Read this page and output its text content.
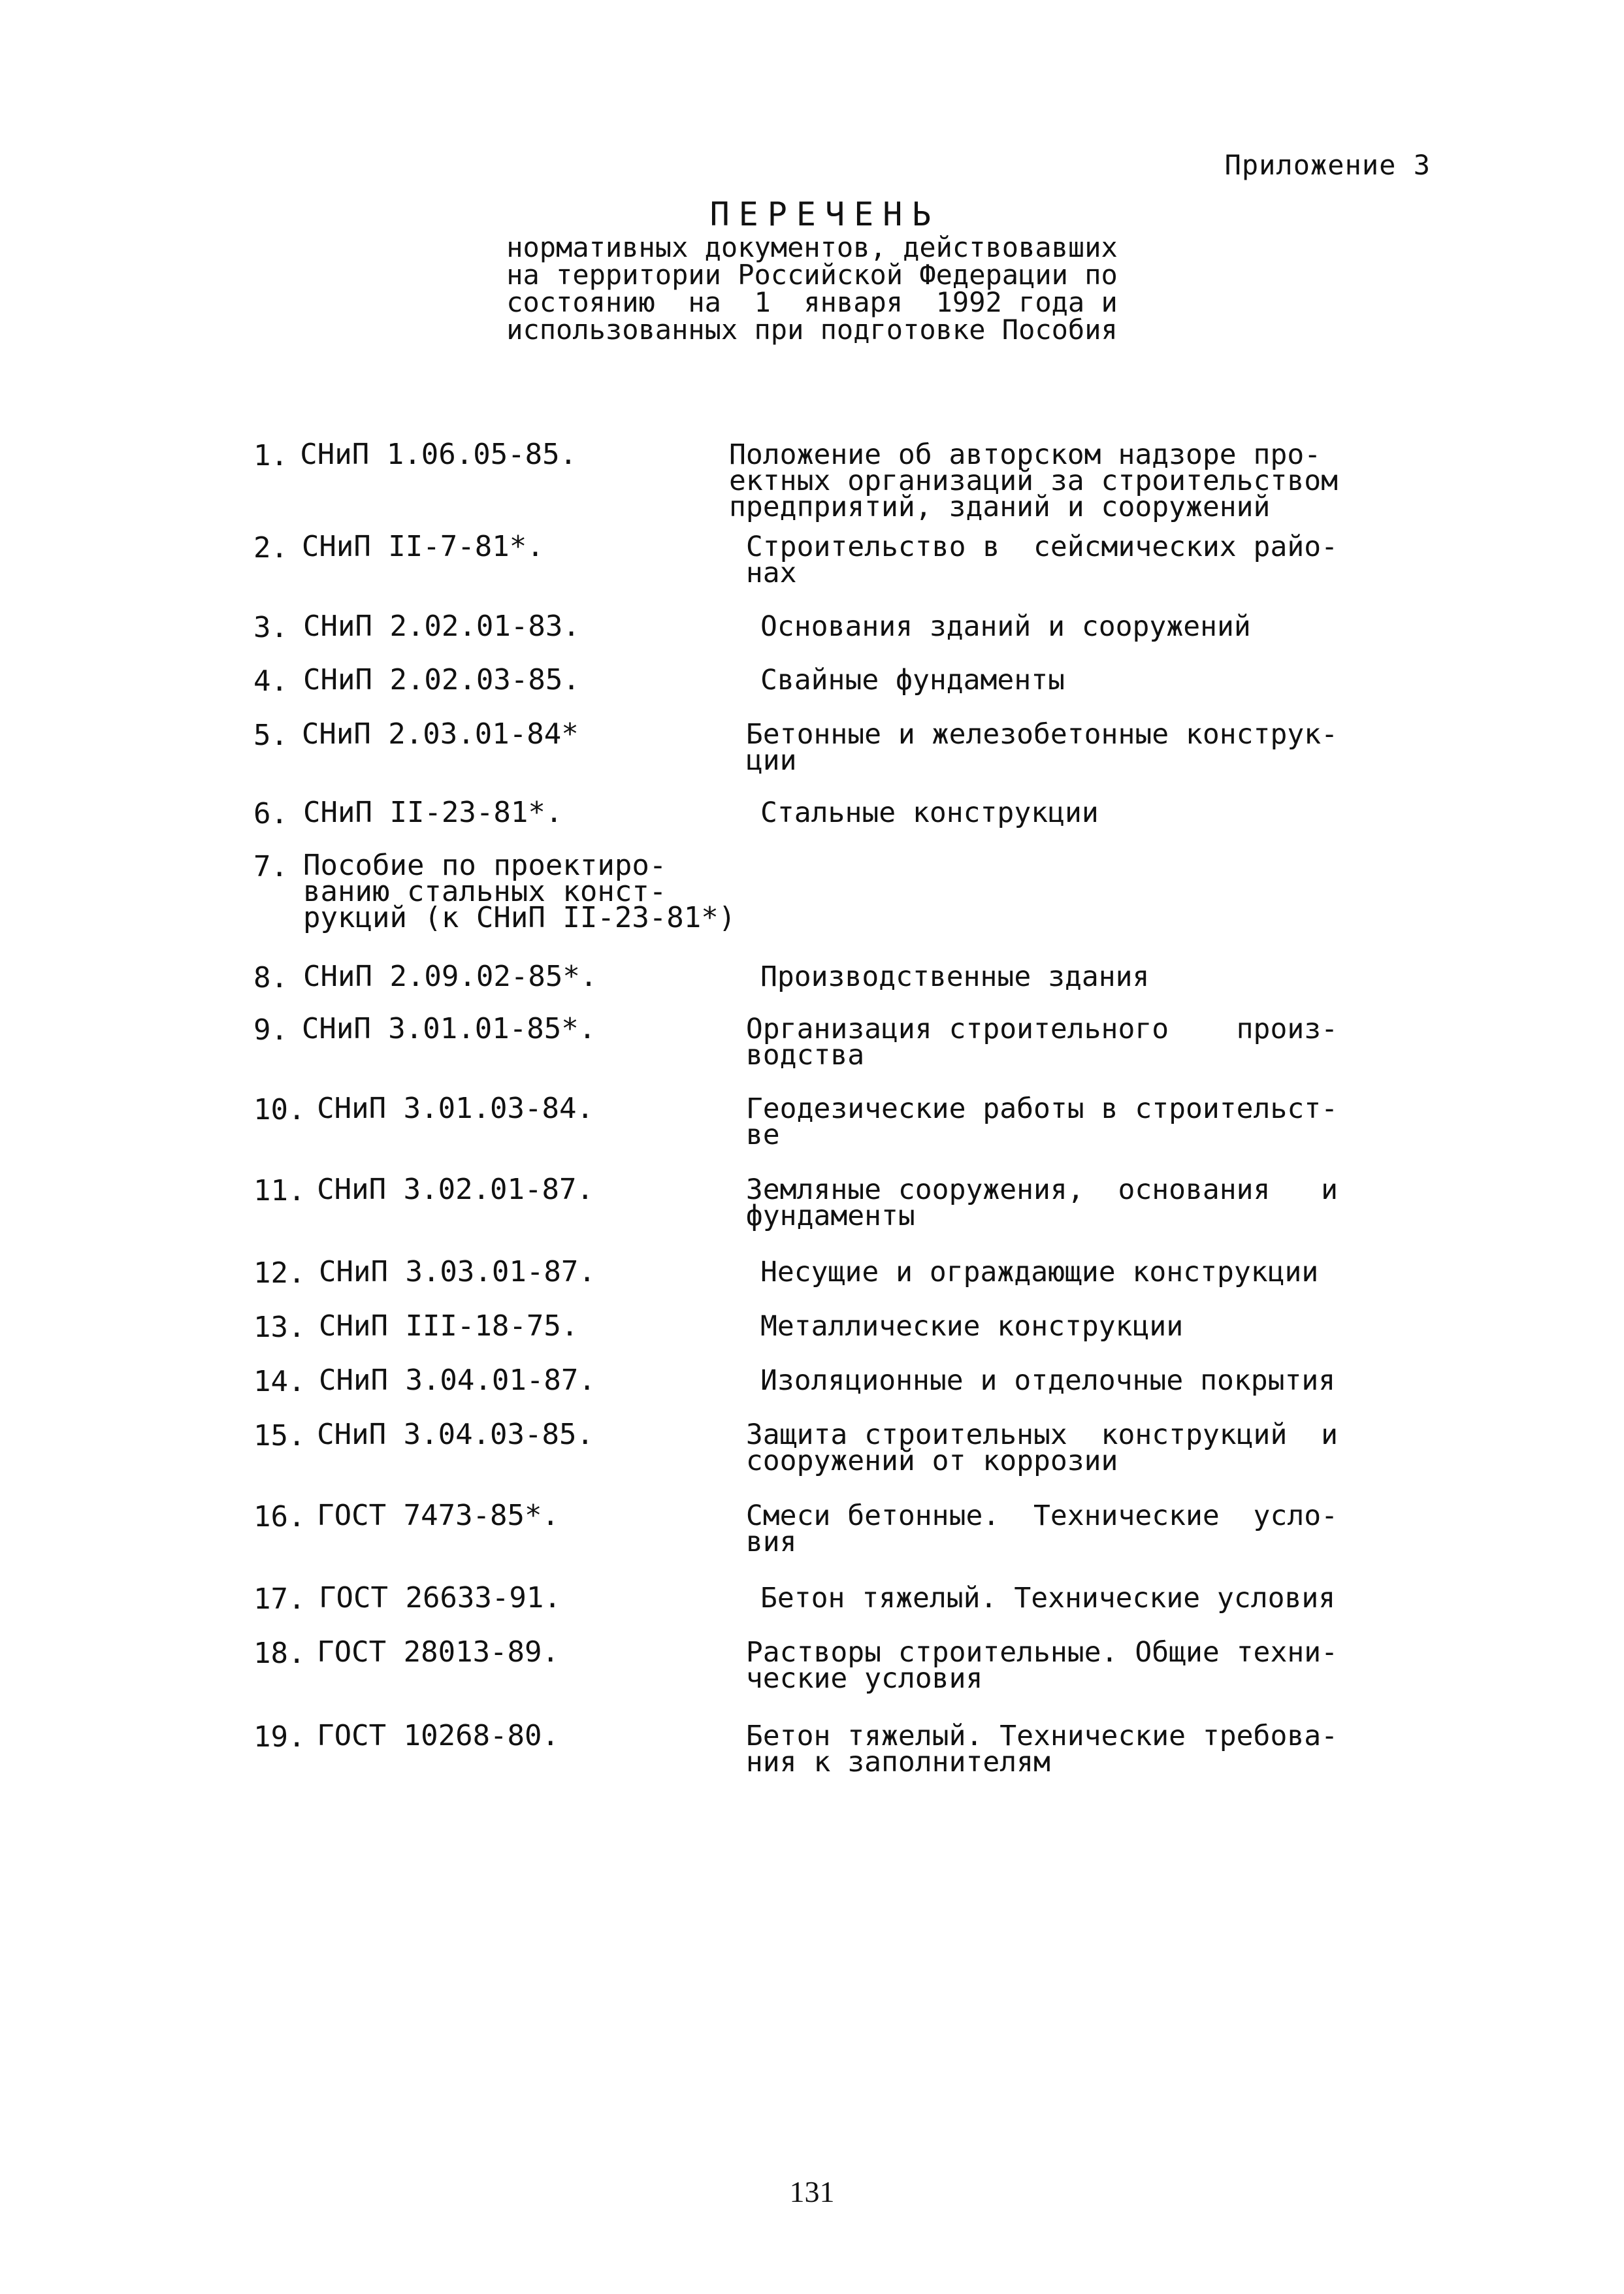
Приложение 3
ПЕРЕЧЕНЬ
нормативных документов, действовавших
на территории Российской Федерации по
состоянию  на  1  января  1992 года и
использованных при подготовке Пособия
1. СНиП 1.06.05-85.	Положение об авторском надзоре про-
ектных организаций за строительством
предприятий, зданий и сооружений
2. СНиП II-7-81*.	Строительство в  сейсмических райо-
нах
3. СНиП 2.02.01-83.	Основания зданий и сооружений
4. СНиП 2.02.03-85.	Свайные фундаменты
5. СНиП 2.03.01-84*	Бетонные и железобетонные конструк-
ции
6. СНиП II-23-81*.	Стальные конструкции
7. Пособие по проектиро-
ванию стальных конст-
рукций (к СНиП II-23-81*)
8. СНиП 2.09.02-85*.	Производственные здания
9. СНиП 3.01.01-85*.	Организация строительного    произ-
водства
10. СНиП 3.01.03-84.	Геодезические работы в строительст-
ве
11. СНиП 3.02.01-87.	Земляные сооружения,  основания   и
фундаменты
12. СНиП 3.03.01-87.	Несущие и ограждающие конструкции
13. СНиП III-18-75.	Металлические конструкции
14. СНиП 3.04.01-87.	Изоляционные и отделочные покрытия
15. СНиП 3.04.03-85.	Защита строительных  конструкций  и
сооружений от коррозии
16. ГОСТ 7473-85*.	Смеси бетонные.  Технические  усло-
вия
17. ГОСТ 26633-91.	Бетон тяжелый. Технические условия
18. ГОСТ 28013-89.	Растворы строительные. Общие техни-
ческие условия
19. ГОСТ 10268-80.	Бетон тяжелый. Технические требова-
ния к заполнителям
131
